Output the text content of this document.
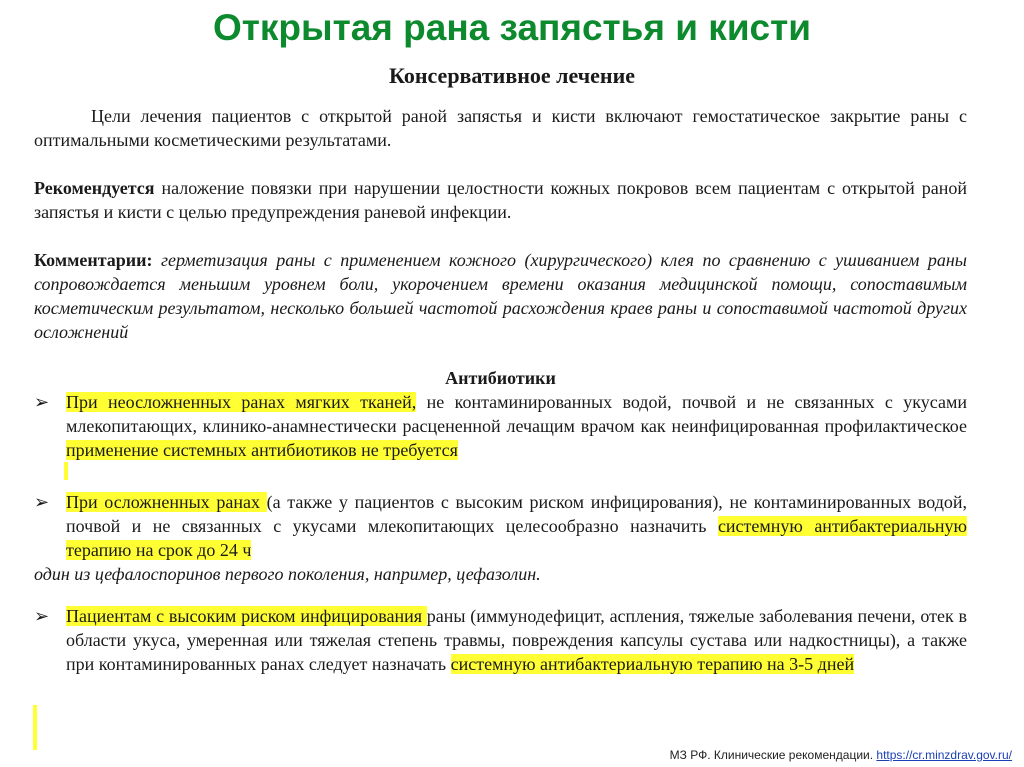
Открытая рана запястья и кисти
Консервативное лечение

Цели лечения пациентов с открытой раной запястья и кисти включают гемостатическое закрытие раны с оптимальными косметическими результатами.

Рекомендуется наложение повязки при нарушении целостности кожных покровов всем пациентам с открытой раной запястья и кисти с целью предупреждения раневой инфекции.

Комментарии: герметизация раны с применением кожного (хирургического) клея по сравнению с ушиванием раны сопровождается меньшим уровнем боли, укорочением времени оказания медицинской помощи, сопоставимым косметическим результатом, несколько большей частотой расхождения краев раны и сопоставимой частотой других осложнений

Антибиотики

➢ При неосложненных ранах мягких тканей, не контаминированных водой, почвой и не связанных с укусами млекопитающих, клинико-анамнестически расцененной лечащим врачом как неинфицированная профилактическое применение системных антибиотиков не требуется
➢ При осложненных ранах (а также у пациентов с высоким риском инфицирования), не контаминированных водой, почвой и не связанных с укусами млекопитающих целесообразно назначить системную антибактериальную терапию на срок до 24 ч

один из цефалоспоринов первого поколения, например, цефазолин.

➢ Пациентам с высоким риском инфицирования раны (иммунодефицит, аспления, тяжелые заболевания печени, отек в области укуса, умеренная или тяжелая степень травмы, повреждения капсулы сустава или надкостницы), а также при контаминированных ранах следует назначать системную антибактериальную терапию на 3-5 дней
МЗ РФ. Клинические рекомендации. https://cr.minzdrav.gov.ru/
